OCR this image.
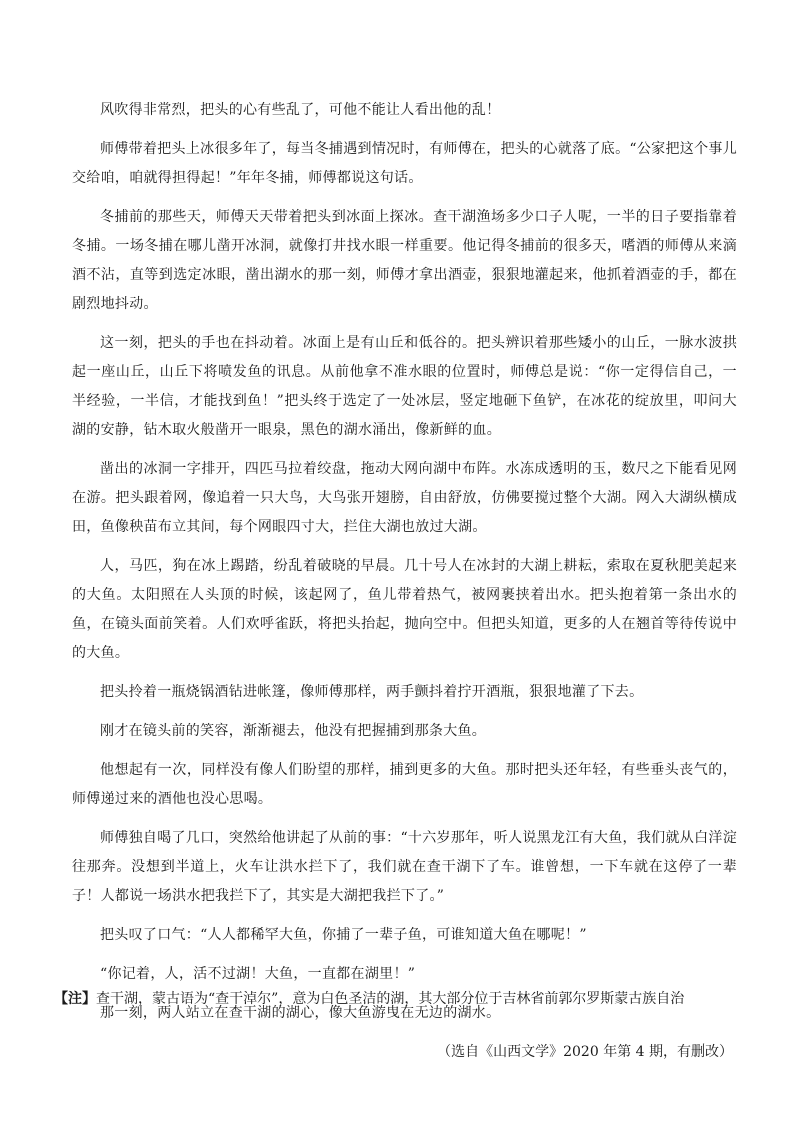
风吹得非常烈，把头的心有些乱了，可他不能让人看出他的乱！

师傅带着把头上冰很多年了，每当冬捕遇到情况时，有师傅在，把头的心就落了底。“公家把这个事儿交给咱，咱就得担得起！”年年冬捕，师傅都说这句话。

冬捕前的那些天，师傅天天带着把头到冰面上探冰。查干湖渔场多少口子人呢，一半的日子要指靠着冬捕。一场冬捕在哪儿凿开冰洞，就像打井找水眼一样重要。他记得冬捕前的很多天，嗜酒的师傅从来滴酒不沾，直等到选定冰眼，凿出湖水的那一刻，师傅才拿出酒壶，狠狠地灌起来，他抓着酒壶的手，都在剧烈地抖动。

这一刻，把头的手也在抖动着。冰面上是有山丘和低谷的。把头辨识着那些矮小的山丘，一脉水波拱起一座山丘，山丘下将喷发鱼的讯息。从前他拿不准水眼的位置时，师傅总是说：“你一定得信自己，一半经验，一半信，才能找到鱼！”把头终于选定了一处冰层，竖定地砸下鱼铲，在冰花的绽放里，叩问大湖的安静，钻木取火般凿开一眼泉，黑色的湖水涌出，像新鲜的血。

凿出的冰洞一字排开，四匹马拉着绞盘，拖动大网向湖中布阵。水冻成透明的玉，数尺之下能看见网在游。把头跟着网，像追着一只大鸟，大鸟张开翅膀，自由舒放，仿佛要搅过整个大湖。网入大湖纵横成田，鱼像秧苗布立其间，每个网眼四寸大，拦住大湖也放过大湖。

人，马匹，狗在冰上踢踏，纷乱着破晓的早晨。几十号人在冰封的大湖上耕耘，索取在夏秋肥美起来的大鱼。太阳照在人头顶的时候，该起网了，鱼儿带着热气，被网裹挟着出水。把头抱着第一条出水的鱼，在镜头面前笑着。人们欢呼雀跃，将把头抬起，抛向空中。但把头知道，更多的人在翘首等待传说中的大鱼。

把头拎着一瓶烧锅酒钻进帐篷，像师傅那样，两手颤抖着拧开酒瓶，狠狠地灌了下去。

刚才在镜头前的笑容，渐渐褪去，他没有把握捕到那条大鱼。

他想起有一次，同样没有像人们盼望的那样，捕到更多的大鱼。那时把头还年轻，有些垂头丧气的，师傅递过来的酒他也没心思喝。

师傅独自喝了几口，突然给他讲起了从前的事：“十六岁那年，听人说黑龙江有大鱼，我们就从白洋淀往那奔。没想到半道上，火车让洪水拦下了，我们就在查干湖下了车。谁曾想，一下车就在这停了一辈子！人都说一场洪水把我拦下了，其实是大湖把我拦下了。”

把头叹了口气：“人人都稀罕大鱼，你捕了一辈子鱼，可谁知道大鱼在哪呢！”

“你记着，人，活不过湖！大鱼，一直都在湖里！”

那一刻，两人站立在查干湖的湖心，像大鱼游曳在无边的湖水。

（选自《山西文学》2020 年第 4 期，有删改）

【注】查干湖，蒙古语为“查干淖尔”，意为白色圣洁的湖，其大部分位于吉林省前郭尔罗斯蒙古族自治
